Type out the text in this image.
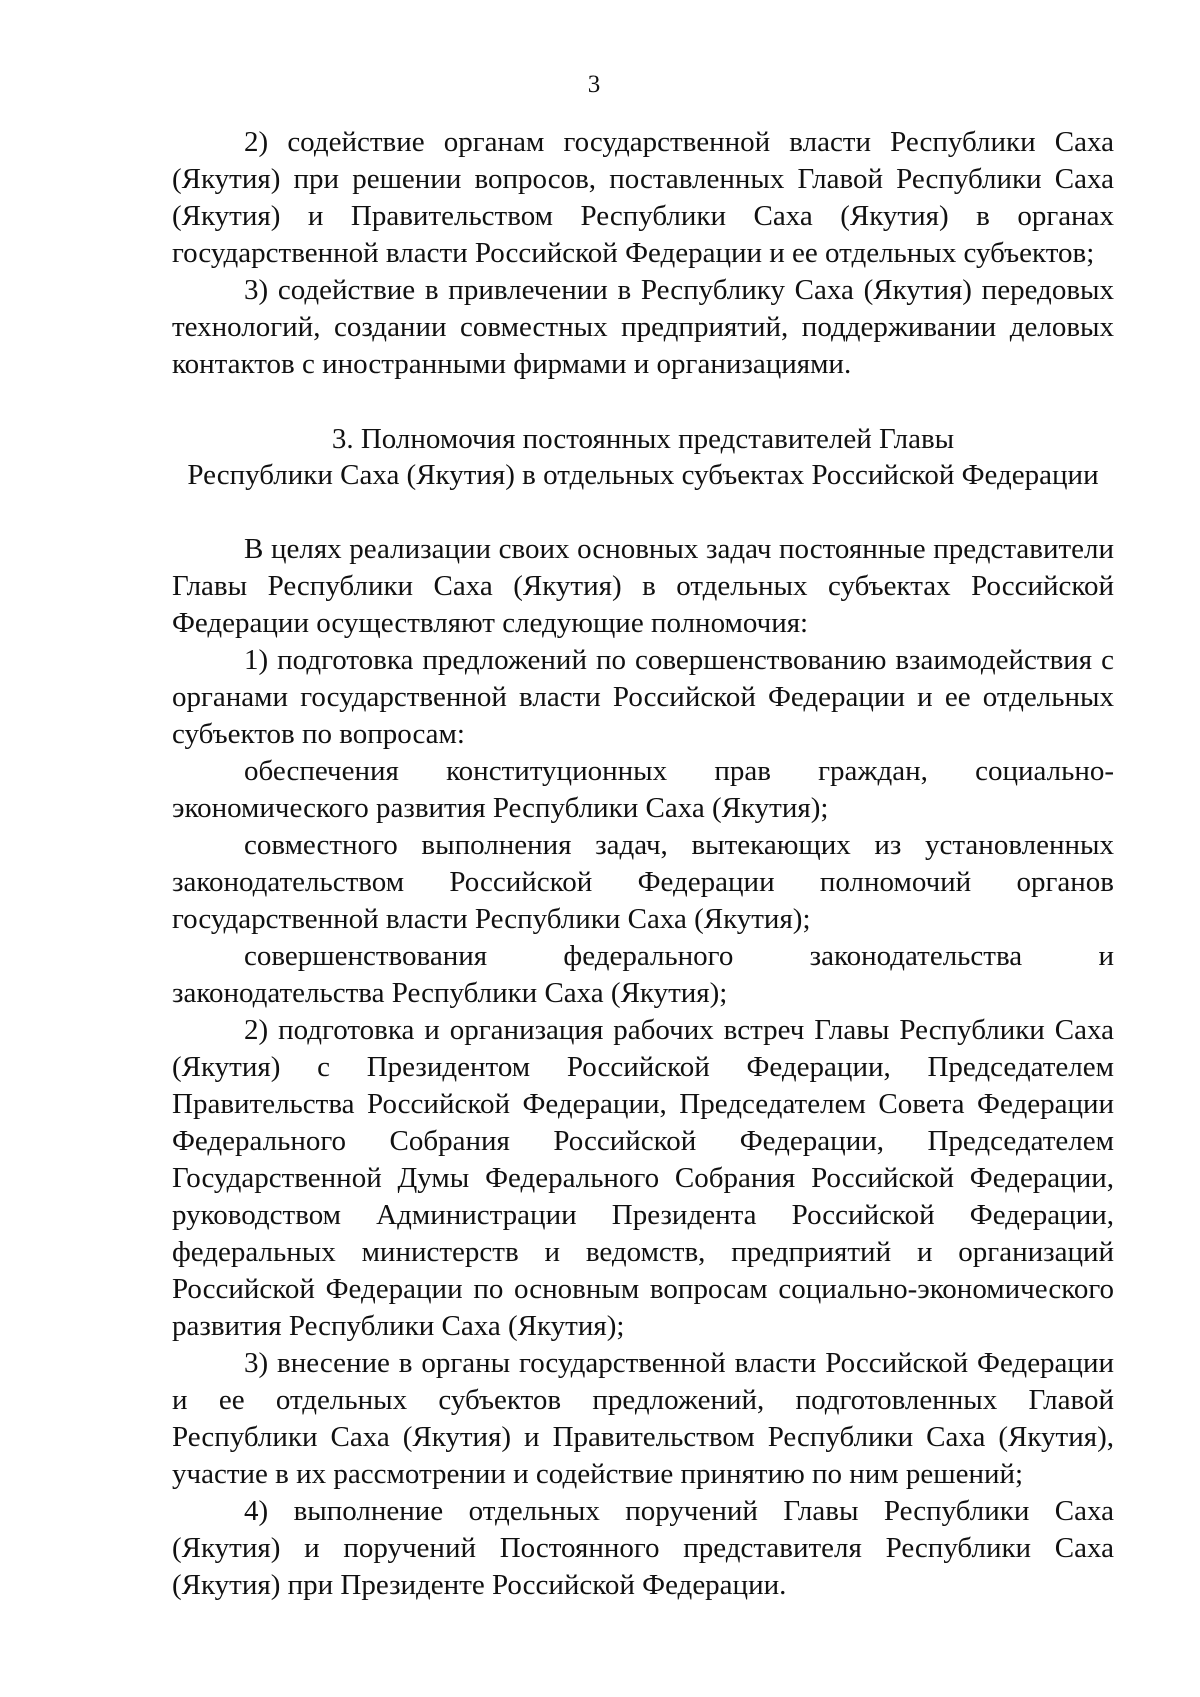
3

2) содействие органам государственной власти Республики Саха (Якутия) при решении вопросов, поставленных Главой Республики Саха (Якутия) и Правительством Республики Саха (Якутия) в органах государственной власти Российской Федерации и ее отдельных субъектов;

3) содействие в привлечении в Республику Саха (Якутия) передовых технологий, создании совместных предприятий, поддерживании деловых контактов с иностранными фирмами и организациями.

3. Полномочия постоянных представителей Главы
Республики Саха (Якутия) в отдельных субъектах Российской Федерации

В целях реализации своих основных задач постоянные представители Главы Республики Саха (Якутия) в отдельных субъектах Российской Федерации осуществляют следующие полномочия:

1) подготовка предложений по совершенствованию взаимодействия с органами государственной власти Российской Федерации и ее отдельных субъектов по вопросам:

обеспечения конституционных прав граждан, социально-экономического развития Республики Саха (Якутия);

совместного выполнения задач, вытекающих из установленных законодательством Российской Федерации полномочий органов государственной власти Республики Саха (Якутия);

совершенствования федерального законодательства и законодательства Республики Саха (Якутия);

2) подготовка и организация рабочих встреч Главы Республики Саха (Якутия) с Президентом Российской Федерации, Председателем Правительства Российской Федерации, Председателем Совета Федерации Федерального Собрания Российской Федерации, Председателем Государственной Думы Федерального Собрания Российской Федерации, руководством Администрации Президента Российской Федерации, федеральных министерств и ведомств, предприятий и организаций Российской Федерации по основным вопросам социально-экономического развития Республики Саха (Якутия);

3) внесение в органы государственной власти Российской Федерации и ее отдельных субъектов предложений, подготовленных Главой Республики Саха (Якутия) и Правительством Республики Саха (Якутия), участие в их рассмотрении и содействие принятию по ним решений;

4) выполнение отдельных поручений Главы Республики Саха (Якутия) и поручений Постоянного представителя Республики Саха (Якутия) при Президенте Российской Федерации.
